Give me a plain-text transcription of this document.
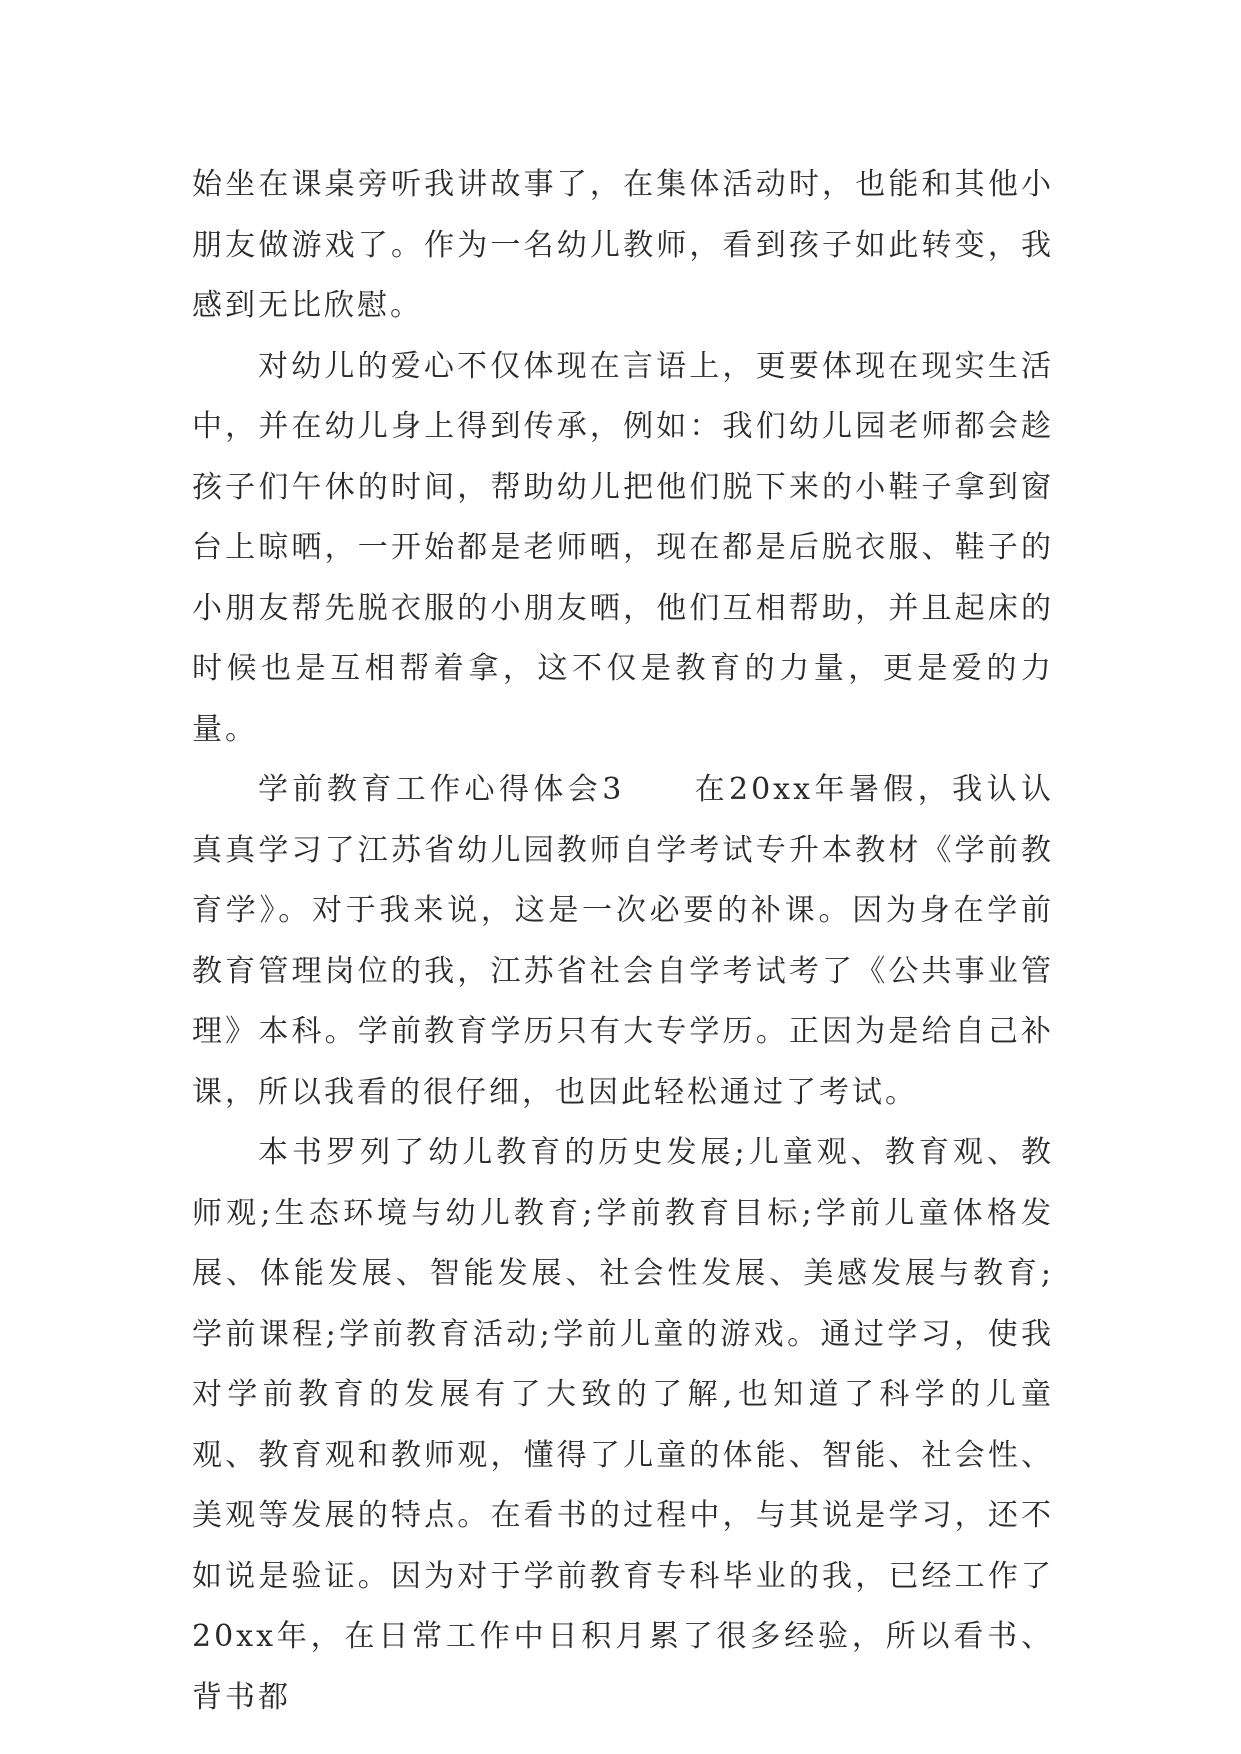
始坐在课桌旁听我讲故事了，在集体活动时，也能和其他小朋友做游戏了。作为一名幼儿教师，看到孩子如此转变，我感到无比欣慰。

对幼儿的爱心不仅体现在言语上，更要体现在现实生活中，并在幼儿身上得到传承，例如：我们幼儿园老师都会趁孩子们午休的时间，帮助幼儿把他们脱下来的小鞋子拿到窗台上晾晒，一开始都是老师晒，现在都是后脱衣服、鞋子的小朋友帮先脱衣服的小朋友晒，他们互相帮助，并且起床的时候也是互相帮着拿，这不仅是教育的力量，更是爱的力量。

学前教育工作心得体会3　　在20xx年暑假，我认认真真学习了江苏省幼儿园教师自学考试专升本教材《学前教育学》。对于我来说，这是一次必要的补课。因为身在学前教育管理岗位的我，江苏省社会自学考试考了《公共事业管理》本科。学前教育学历只有大专学历。正因为是给自己补课，所以我看的很仔细，也因此轻松通过了考试。

本书罗列了幼儿教育的历史发展;儿童观、教育观、教师观;生态环境与幼儿教育;学前教育目标;学前儿童体格发展、体能发展、智能发展、社会性发展、美感发展与教育;学前课程;学前教育活动;学前儿童的游戏。通过学习，使我对学前教育的发展有了大致的了解,也知道了科学的儿童观、教育观和教师观，懂得了儿童的体能、智能、社会性、美观等发展的特点。在看书的过程中，与其说是学习，还不如说是验证。因为对于学前教育专科毕业的我，已经工作了20xx年，在日常工作中日积月累了很多经验，所以看书、背书都
